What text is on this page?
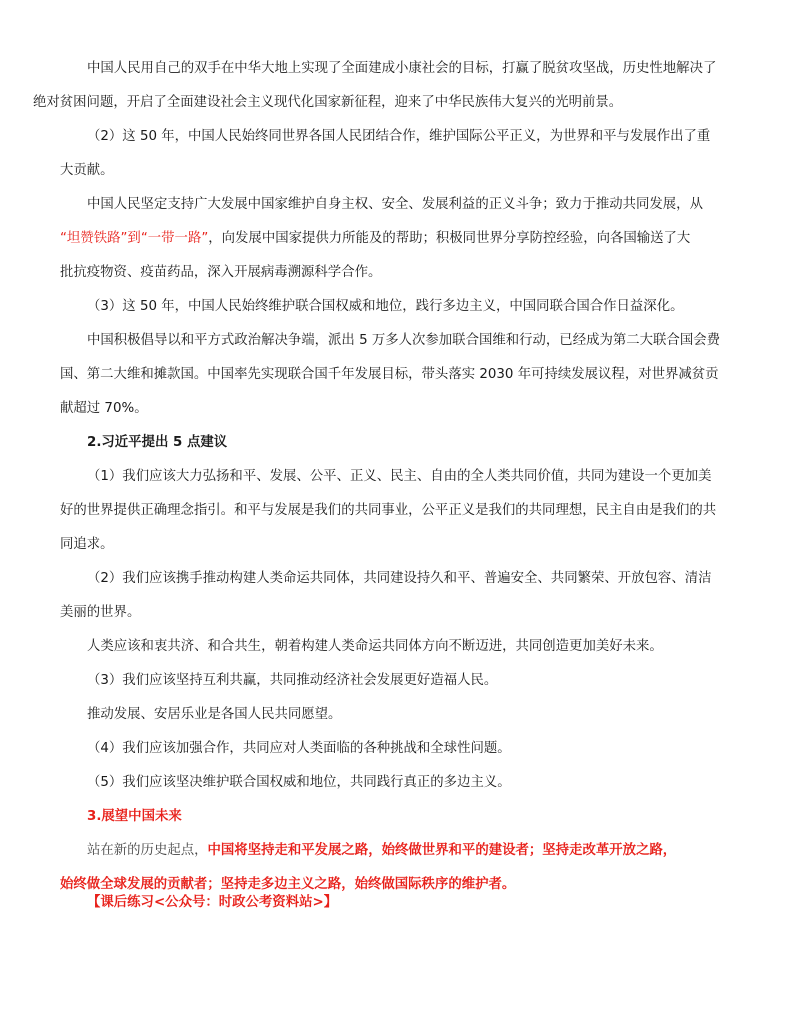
中国人民用自己的双手在中华大地上实现了全面建成小康社会的目标，打赢了脱贫攻坚战，历史性地解决了
绝对贫困问题，开启了全面建设社会主义现代化国家新征程，迎来了中华民族伟大复兴的光明前景。

（2）这 50 年，中国人民始终同世界各国人民团结合作，维护国际公平正义，为世界和平与发展作出了重
大贡献。

中国人民坚定支持广大发展中国家维护自身主权、安全、发展利益的正义斗争；致力于推动共同发展，从
“坦赞铁路”到“一带一路”，向发展中国家提供力所能及的帮助；积极同世界分享防控经验，向各国输送了大
批抗疫物资、疫苗药品，深入开展病毒溯源科学合作。

（3）这 50 年，中国人民始终维护联合国权威和地位，践行多边主义，中国同联合国合作日益深化。

中国积极倡导以和平方式政治解决争端，派出 5 万多人次参加联合国维和行动，已经成为第二大联合国会费
国、第二大维和摊款国。中国率先实现联合国千年发展目标，带头落实 2030 年可持续发展议程，对世界减贫贡
献超过 70%。

2.习近平提出 5 点建议

（1）我们应该大力弘扬和平、发展、公平、正义、民主、自由的全人类共同价值，共同为建设一个更加美
好的世界提供正确理念指引。和平与发展是我们的共同事业，公平正义是我们的共同理想，民主自由是我们的共
同追求。

（2）我们应该携手推动构建人类命运共同体，共同建设持久和平、普遍安全、共同繁荣、开放包容、清洁
美丽的世界。

人类应该和衷共济、和合共生，朝着构建人类命运共同体方向不断迈进，共同创造更加美好未来。

（3）我们应该坚持互利共赢，共同推动经济社会发展更好造福人民。

推动发展、安居乐业是各国人民共同愿望。

（4）我们应该加强合作，共同应对人类面临的各种挑战和全球性问题。

（5）我们应该坚决维护联合国权威和地位，共同践行真正的多边主义。

3.展望中国未来

站在新的历史起点，中国将坚持走和平发展之路，始终做世界和平的建设者；坚持走改革开放之路，
始终做全球发展的贡献者；坚持走多边主义之路，始终做国际秩序的维护者。

【课后练习<公众号：时政公考资料站>】
